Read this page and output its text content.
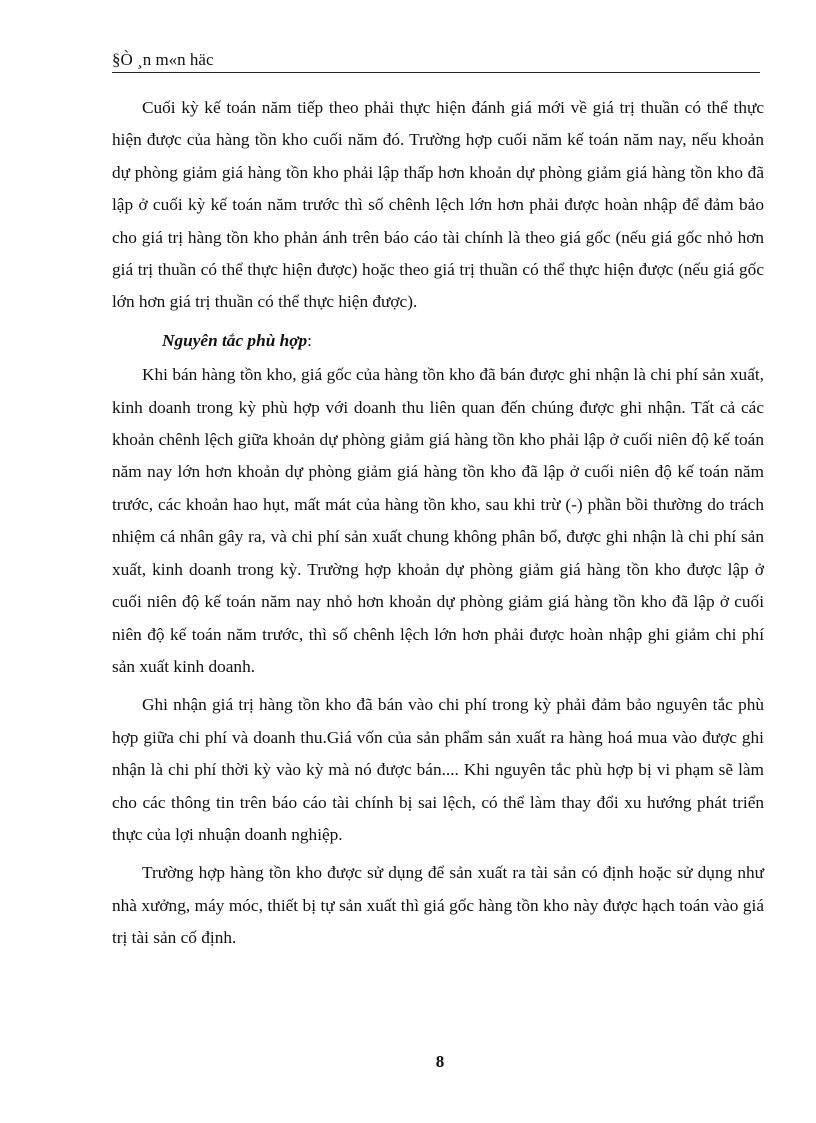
§Ò ¸n m«n häc

Cuối kỳ kế toán năm tiếp theo phải thực hiện đánh giá mới về giá trị thuần có thể thực hiện được của hàng tồn kho cuối năm đó. Trường hợp cuối năm kế toán năm nay, nếu khoản dự phòng giảm giá hàng tồn kho phải lập thấp hơn khoản dự phòng giảm giá hàng tồn kho đã lập ở cuối kỳ kế toán năm trước thì số chênh lệch lớn hơn phải được hoàn nhập để đảm bảo cho giá trị hàng tồn kho phản ánh trên báo cáo tài chính là theo giá gốc (nếu giá gốc nhỏ hơn giá trị thuần có thể thực hiện được) hoặc theo giá trị thuần có thể thực hiện được (nếu giá gốc lớn hơn giá trị thuần có thể thực hiện được).

Nguyên tắc phù hợp:

Khi bán hàng tồn kho, giá gốc của hàng tồn kho đã bán được ghi nhận là chi phí sản xuất, kinh doanh trong kỳ phù hợp với doanh thu liên quan đến chúng được ghi nhận. Tất cả các khoản chênh lệch giữa khoản dự phòng giảm giá hàng tồn kho phải lập ở cuối niên độ kế toán năm nay lớn hơn khoản dự phòng giảm giá hàng tồn kho đã lập ở cuối niên độ kế toán năm trước, các khoản hao hụt, mất mát của hàng tồn kho, sau khi trừ (-) phần bồi thường do trách nhiệm cá nhân gây ra, và chi phí sản xuất chung không phân bổ, được ghi nhận là chi phí sản xuất, kinh doanh trong kỳ. Trường hợp khoản dự phòng giảm giá hàng tồn kho được lập ở cuối niên độ kế toán năm nay nhỏ hơn khoản dự phòng giảm giá hàng tồn kho đã lập ở cuối niên độ kế toán năm trước, thì số chênh lệch lớn hơn phải được hoàn nhập ghi giảm chi phí sản xuất kinh doanh.

Ghi nhận giá trị hàng tồn kho đã bán vào chi phí trong kỳ phải đảm bảo nguyên tắc phù hợp giữa chi phí và doanh thu.Giá vốn của sản phẩm sản xuất ra hàng hoá mua vào được ghi nhận là chi phí thời kỳ vào kỳ mà nó được bán.... Khi nguyên tắc phù hợp bị vi phạm sẽ làm cho các thông tin trên báo cáo tài chính bị sai lệch, có thể làm thay đổi xu hướng phát triển thực của lợi nhuận doanh nghiệp.

Trường hợp hàng tồn kho được sử dụng để sản xuất ra tài sản có định hoặc sử dụng như nhà xưởng, máy móc, thiết bị tự sản xuất thì giá gốc hàng tồn kho này được hạch toán vào giá trị tài sản cố định.

8
